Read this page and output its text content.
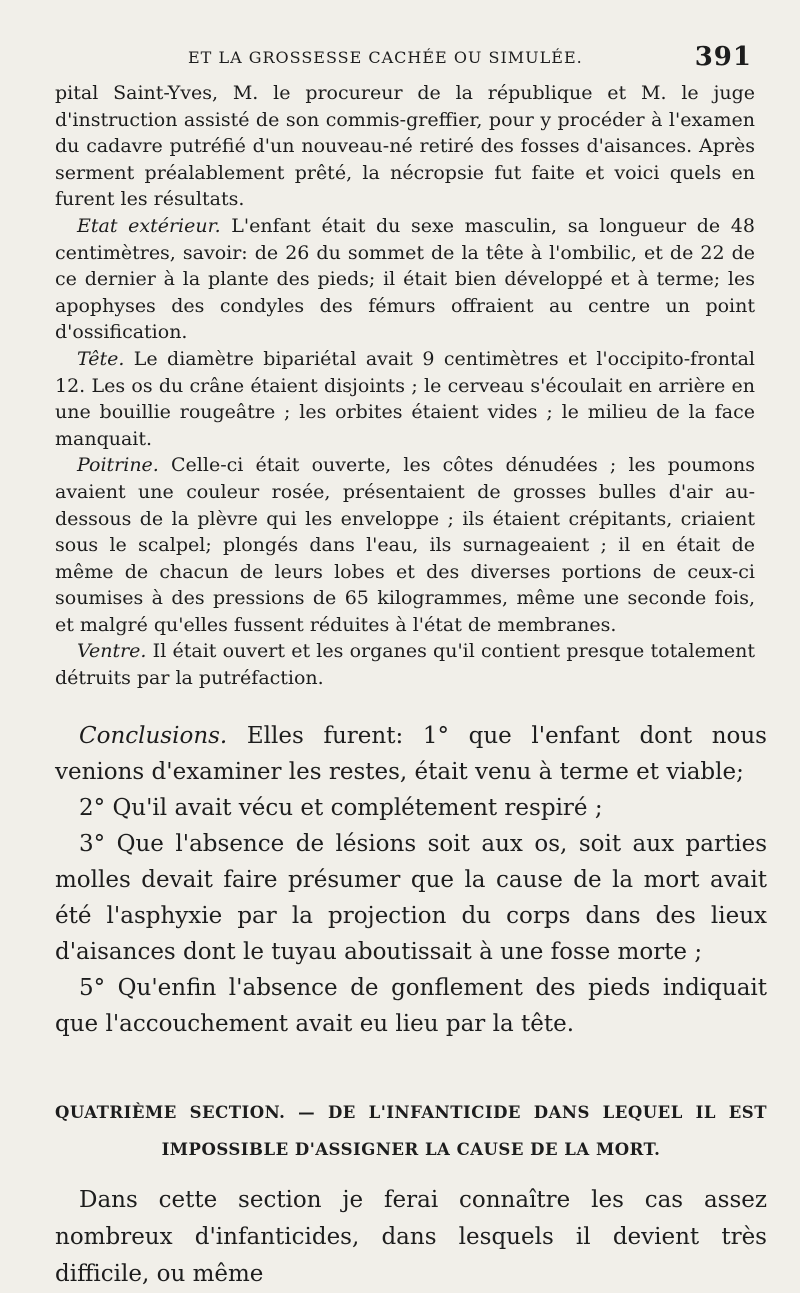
ET LA GROSSESSE CACHÉE OU SIMULÉE.	391

pital Saint-Yves, M. le procureur de la république et M. le juge d'instruction assisté de son commis-greffier, pour y procéder à l'examen du cadavre putréfié d'un nouveau-né retiré des fosses d'aisances. Après serment préalablement prêté, la nécropsie fut faite et voici quels en furent les résultats.

Etat extérieur. L'enfant était du sexe masculin, sa longueur de 48 centimètres, savoir: de 26 du sommet de la tête à l'ombilic, et de 22 de ce dernier à la plante des pieds; il était bien développé et à terme; les apophyses des condyles des fémurs offraient au centre un point d'ossification.

Tête. Le diamètre bipariétal avait 9 centimètres et l'occipito-frontal 12. Les os du crâne étaient disjoints ; le cerveau s'écoulait en arrière en une bouillie rougeâtre ; les orbites étaient vides ; le milieu de la face manquait.

Poitrine. Celle-ci était ouverte, les côtes dénudées ; les poumons avaient une couleur rosée, présentaient de grosses bulles d'air au-dessous de la plèvre qui les enveloppe ; ils étaient crépitants, criaient sous le scalpel; plongés dans l'eau, ils surnageaient ; il en était de même de chacun de leurs lobes et des diverses portions de ceux-ci soumises à des pressions de 65 kilogrammes, même une seconde fois, et malgré qu'elles fussent réduites à l'état de membranes.

Ventre. Il était ouvert et les organes qu'il contient presque totalement détruits par la putréfaction.

Conclusions. Elles furent: 1° que l'enfant dont nous venions d'examiner les restes, était venu à terme et viable;

2° Qu'il avait vécu et complétement respiré ;

3° Que l'absence de lésions soit aux os, soit aux parties molles devait faire présumer que la cause de la mort avait été l'asphyxie par la projection du corps dans des lieux d'aisances dont le tuyau aboutissait à une fosse morte ;

5° Qu'enfin l'absence de gonflement des pieds indiquait que l'accouchement avait eu lieu par la tête.

QUATRIÈME SECTION. — DE L'INFANTICIDE DANS LEQUEL IL EST
IMPOSSIBLE D'ASSIGNER LA CAUSE DE LA MORT.

Dans cette section je ferai connaître les cas assez nombreux d'infanticides, dans lesquels il devient très difficile, ou même
